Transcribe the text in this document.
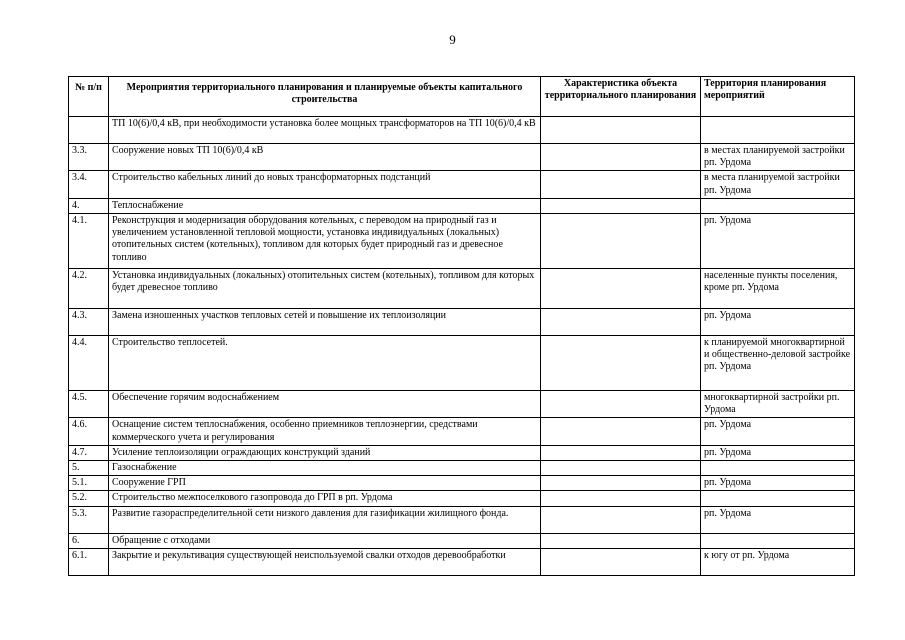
9
№ п/п	Мероприятия территориального планирования и планируемые объекты капитального строительства	Характеристика объекта территориального планирования	Территория планирования мероприятий
	ТП 10(6)/0,4 кВ, при необходимости установка более мощных трансформаторов на ТП 10(6)/0,4 кВ		
3.3.	Сооружение новых ТП 10(6)/0,4 кВ		в местах планируемой застройки рп. Урдома
3.4.	Строительство кабельных линий до новых трансформаторных подстанций		в места планируемой застройки рп. Урдома
4.	Теплоснабжение		
4.1.	Реконструкция и модернизация оборудования котельных, с переводом на природный газ и увеличением установленной тепловой мощности, установка индивидуальных (локальных) отопительных систем (котельных), топливом для которых будет природный газ и древесное топливо		рп. Урдома
4.2.	Установка индивидуальных (локальных) отопительных систем (котельных), топливом для которых будет древесное топливо		населенные пункты поселения, кроме рп. Урдома
4.3.	Замена изношенных участков тепловых сетей и повышение их теплоизоляции		рп. Урдома
4.4.	Строительство теплосетей.		к планируемой многоквартирной и общественно-деловой застройке рп. Урдома
4.5.	Обеспечение горячим водоснабжением		многоквартирной застройки рп. Урдома
4.6.	Оснащение систем теплоснабжения, особенно приемников теплоэнергии, средствами коммерческого учета и регулирования		рп. Урдома
4.7.	Усиление теплоизоляции ограждающих конструкций зданий		рп. Урдома
5.	Газоснабжение		
5.1.	Сооружение ГРП		рп. Урдома
5.2.	Строительство межпоселкового газопровода до ГРП в рп. Урдома		
5.3.	Развитие газораспределительной сети низкого давления для газификации жилищного фонда.		рп. Урдома
6.	Обращение с отходами		
6.1.	Закрытие и рекультивация существующей неиспользуемой свалки отходов деревообработки		к югу от рп. Урдома
